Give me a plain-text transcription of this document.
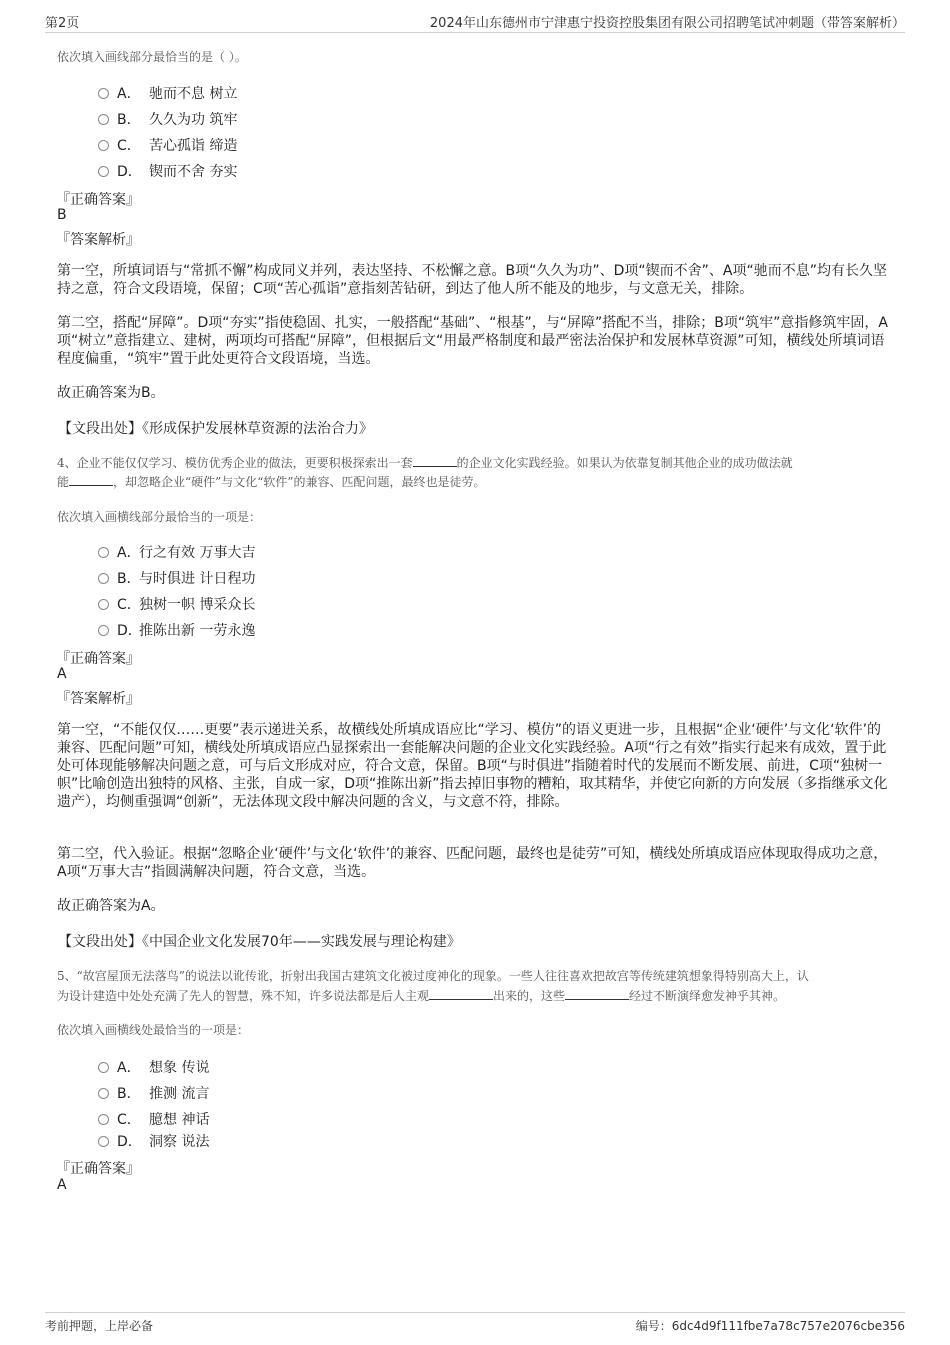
第2页	2024年山东德州市宁津惠宁投资控股集团有限公司招聘笔试冲刺题（带答案解析）
依次填入画线部分最恰当的是（ ）。
A． 驰而不息 树立
B． 久久为功 筑牢
C． 苦心孤诣 缔造
D． 锲而不舍 夯实
『正确答案』
B
『答案解析』
第一空，所填词语与“常抓不懈”构成同义并列，表达坚持、不松懈之意。B项“久久为功”、D项“锲而不舍”、A项“驰而不息”均有长久坚持之意，符合文段语境，保留；C项“苦心孤诣”意指刻苦钻研，到达了他人所不能及的地步，与文意无关，排除。
第二空，搭配“屏障”。D项“夯实”指使稳固、扎实，一般搭配“基础”、“根基”，与“屏障”搭配不当，排除；B项“筑牢”意指修筑牢固，A项“树立”意指建立、建树，两项均可搭配“屏障”，但根据后文“用最严格制度和最严密法治保护和发展林草资源”可知，横线处所填词语程度偏重，“筑牢”置于此处更符合文段语境，当选。
故正确答案为B。
【文段出处】《形成保护发展林草资源的法治合力》
4、企业不能仅仅学习、模仿优秀企业的做法，更要积极探索出一套	的企业文化实践经验。如果认为依靠复制其他企业的成功做法就
能	，却忽略企业“硬件”与文化“软件”的兼容、匹配问题，最终也是徒劳。
依次填入画横线部分最恰当的一项是：
A．行之有效 万事大吉
B．与时俱进 计日程功
C．独树一帜 博采众长
D．推陈出新 一劳永逸
『正确答案』
A
『答案解析』
第一空，“不能仅仅……更要”表示递进关系，故横线处所填成语应比“学习、模仿”的语义更进一步，且根据“企业‘硬件’与文化‘软件’的兼容、匹配问题”可知，横线处所填成语应凸显探索出一套能解决问题的企业文化实践经验。A项“行之有效”指实行起来有成效，置于此处可体现能够解决问题之意，可与后文形成对应，符合文意，保留。B项“与时俱进”指随着时代的发展而不断发展、前进，C项“独树一帜”比喻创造出独特的风格、主张，自成一家，D项“推陈出新”指去掉旧事物的糟粕，取其精华，并使它向新的方向发展（多指继承文化遗产），均侧重强调“创新”，无法体现文段中解决问题的含义，与文意不符，排除。
第二空，代入验证。根据“忽略企业‘硬件’与文化‘软件’的兼容、匹配问题，最终也是徒劳”可知，横线处所填成语应体现取得成功之意，A项“万事大吉”指圆满解决问题，符合文意，当选。
故正确答案为A。
【文段出处】《中国企业文化发展70年——实践发展与理论构建》
5、“故宫屋顶无法落鸟”的说法以讹传讹，折射出我国古建筑文化被过度神化的现象。一些人往往喜欢把故宫等传统建筑想象得特别高大上，认
为设计建造中处处充满了先人的智慧，殊不知，许多说法都是后人主观	出来的，这些	经过不断演绎愈发神乎其神。
依次填入画横线处最恰当的一项是：
A． 想象 传说
B． 推测 流言
C． 臆想 神话
D． 洞察 说法
『正确答案』
A
考前押题，上岸必备	编号：6dc4d9f111fbe7a78c757e2076cbe356
